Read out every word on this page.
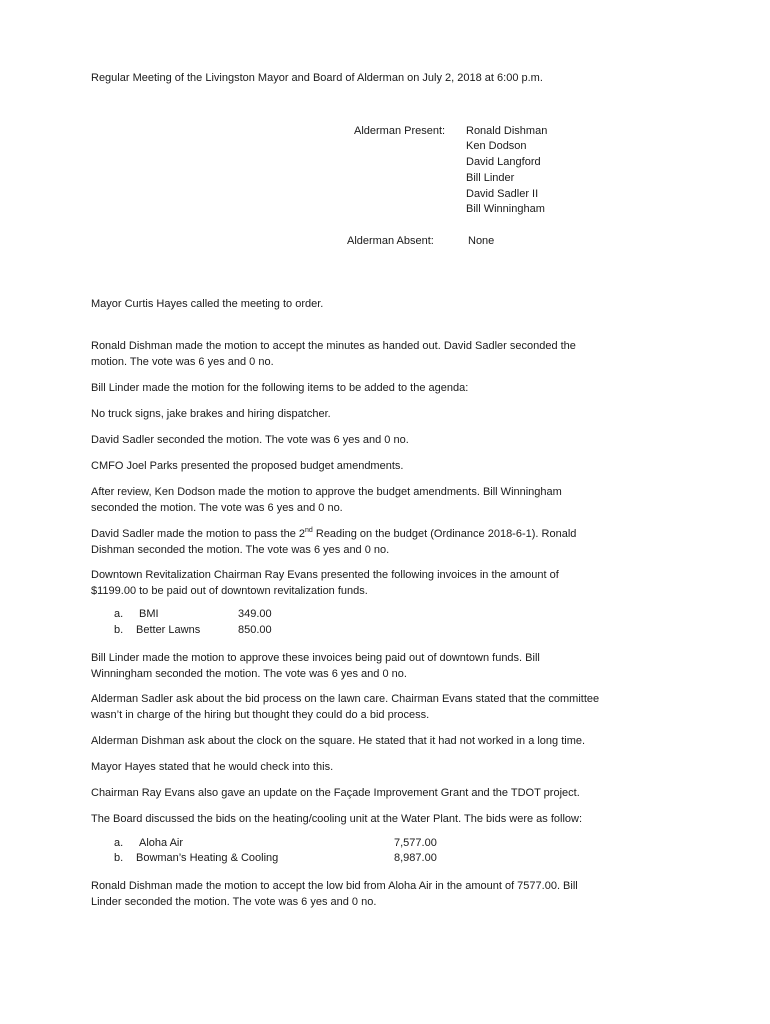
Regular Meeting of the Livingston Mayor and Board of Alderman on July 2, 2018 at 6:00 p.m.
Alderman Present: Ronald Dishman
Ken Dodson
David Langford
Bill Linder
David Sadler II
Bill Winningham
Alderman Absent:	None
Mayor Curtis Hayes called the meeting to order.
Ronald Dishman made the motion to accept the minutes as handed out. David Sadler seconded the
motion. The vote was 6 yes and 0 no.
Bill Linder made the motion for the following items to be added to the agenda:
No truck signs, jake brakes and hiring dispatcher.
David Sadler seconded the motion. The vote was 6 yes and 0 no.
CMFO Joel Parks presented the proposed budget amendments.
After review, Ken Dodson made the motion to approve the budget amendments. Bill Winningham
seconded the motion. The vote was 6 yes and 0 no.
David Sadler made the motion to pass the 2nd Reading on the budget (Ordinance 2018-6-1). Ronald
Dishman seconded the motion. The vote was 6 yes and 0 no.
Downtown Revitalization Chairman Ray Evans presented the following invoices in the amount of
$1199.00 to be paid out of downtown revitalization funds.
a. BMI	349.00
b. Better Lawns	850.00
Bill Linder made the motion to approve these invoices being paid out of downtown funds. Bill
Winningham seconded the motion. The vote was 6 yes and 0 no.
Alderman Sadler ask about the bid process on the lawn care. Chairman Evans stated that the committee
wasn’t in charge of the hiring but thought they could do a bid process.
Alderman Dishman ask about the clock on the square. He stated that it had not worked in a long time.
Mayor Hayes stated that he would check into this.
Chairman Ray Evans also gave an update on the Façade Improvement Grant and the TDOT project.
The Board discussed the bids on the heating/cooling unit at the Water Plant. The bids were as follow:
a. Aloha Air	7,577.00
b. Bowman’s Heating & Cooling	8,987.00
Ronald Dishman made the motion to accept the low bid from Aloha Air in the amount of 7577.00. Bill
Linder seconded the motion. The vote was 6 yes and 0 no.
